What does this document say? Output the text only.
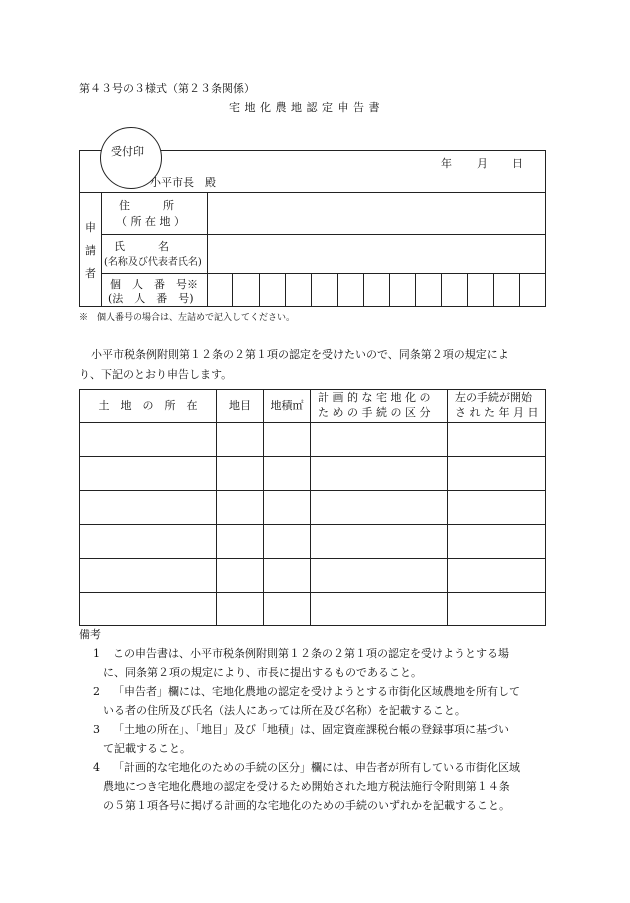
第４３号の３様式（第２３条関係）
宅 地 化 農 地 認 定 申 告 書
受付印
年 月 日
小平市長　殿
申
請
者
住　　　所
（ 所 在 地 ）
氏　　　名
(名称及び代表者氏名)
個　人　番　号※
(法　人　番　号)
※　個人番号の場合は、左詰めで記入してください。
小平市税条例附則第１２条の２第１項の認定を受けたいので、同条第２項の規定によ
り、下記のとおり申告します。
土　地　の　所　在	地目	地積㎡
計 画 的 な 宅 地 化 の
た め の 手 続 の 区 分
左の手続が開始
さ れ た 年 月 日
備考
1 この申告書は、小平市税条例附則第１２条の２第１項の認定を受けようとする場
に、同条第２項の規定により、市長に提出するものであること。
2 「申告者」欄には、宅地化農地の認定を受けようとする市街化区域農地を所有して
いる者の住所及び氏名（法人にあっては所在及び名称）を記載すること。
3 「土地の所在」、「地目」及び「地積」は、固定資産課税台帳の登録事項に基づい
て記載すること。
4 「計画的な宅地化のための手続の区分」欄には、申告者が所有している市街化区域
農地につき宅地化農地の認定を受けるため開始された地方税法施行令附則第１４条
の５第１項各号に掲げる計画的な宅地化のための手続のいずれかを記載すること。
